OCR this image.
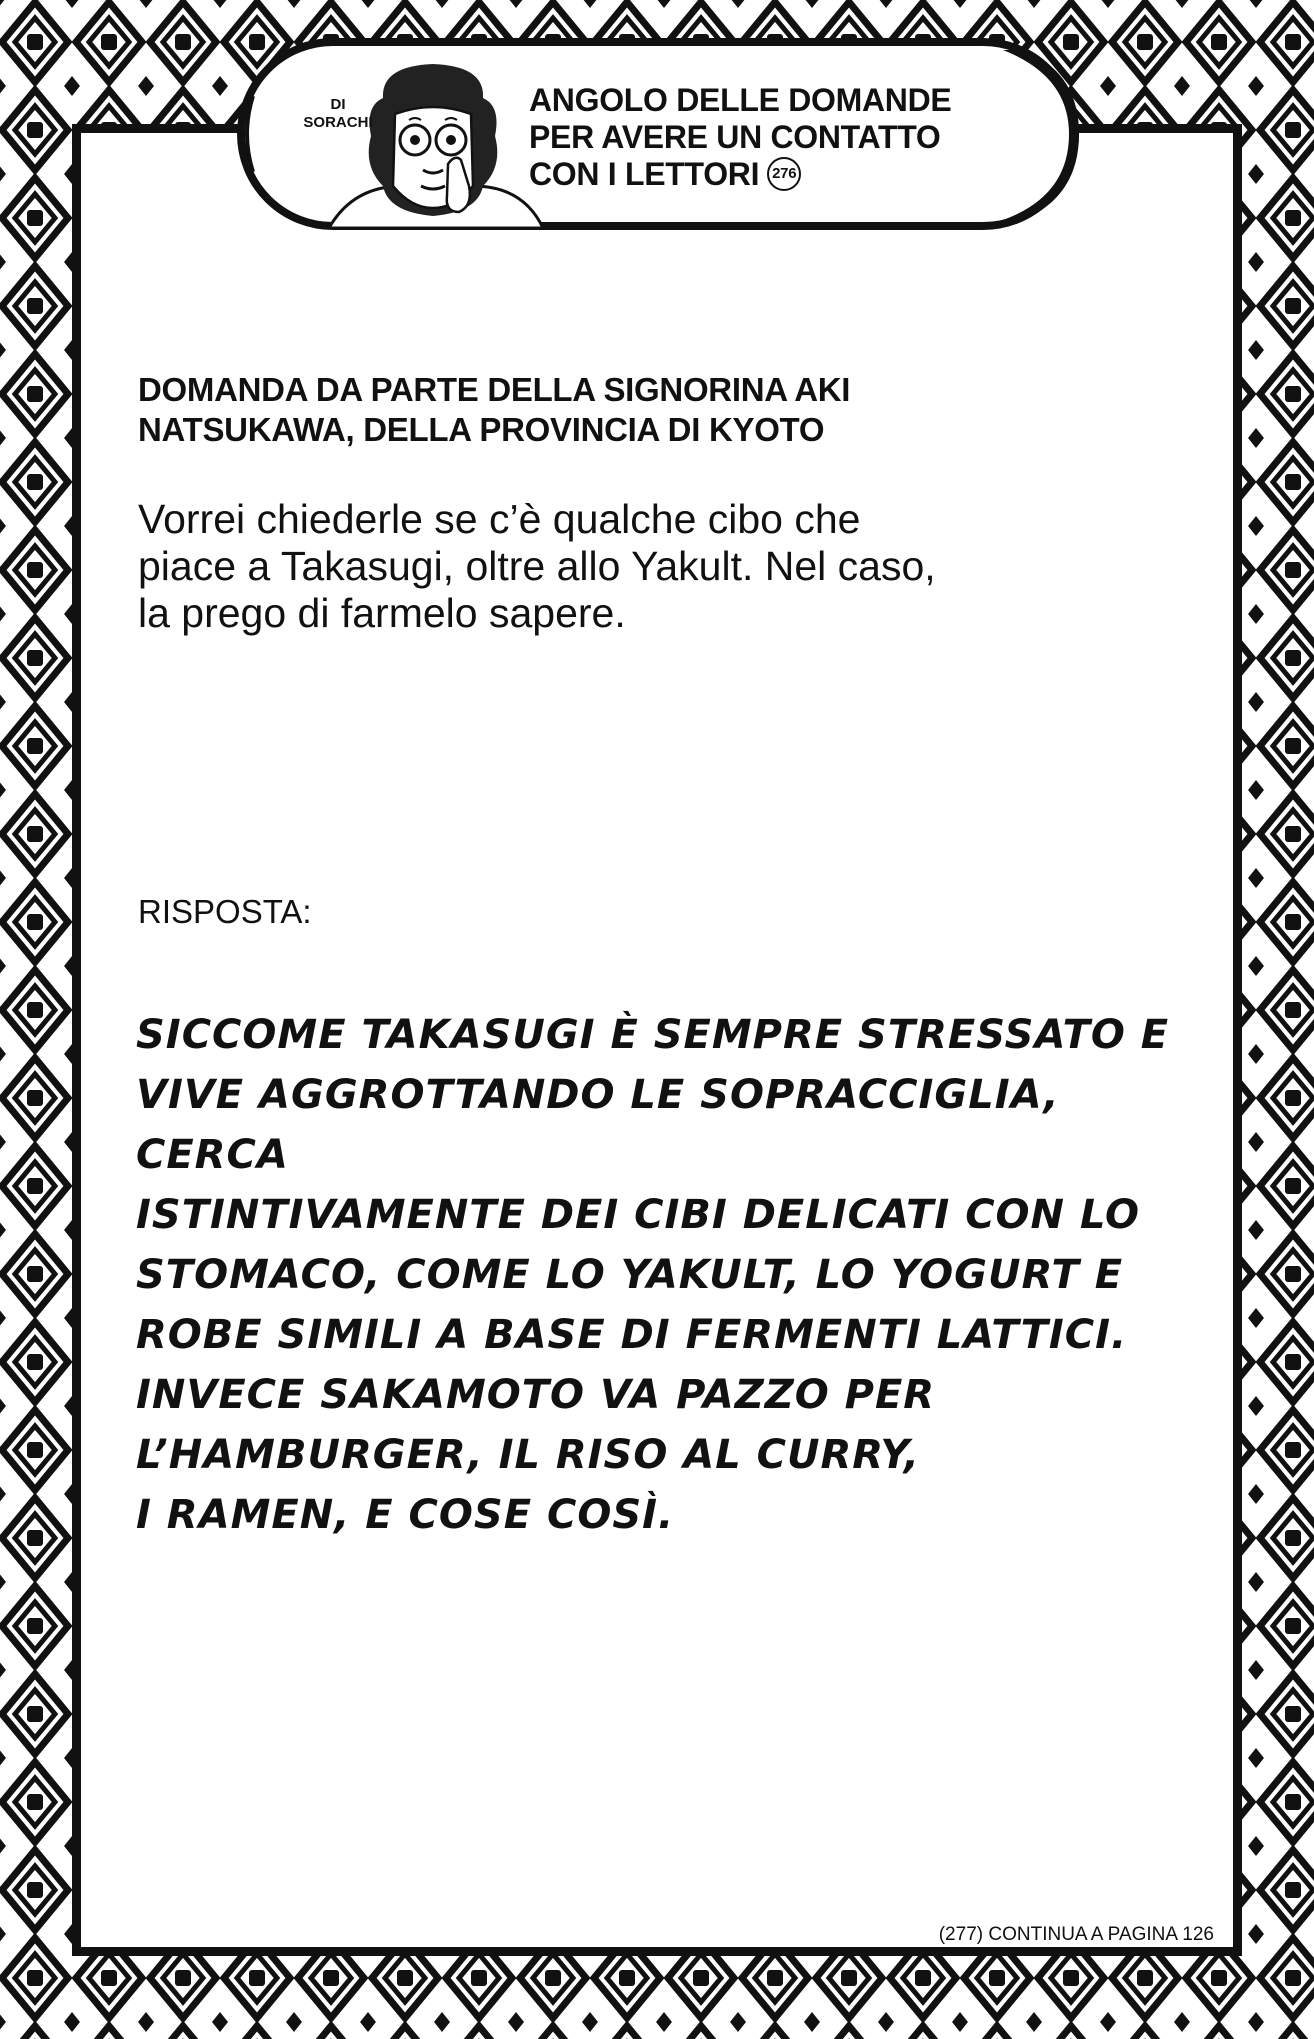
DI
SORACHI
ANGOLO DELLE DOMANDE
PER AVERE UN CONTATTO
CON I LETTORI 276
DOMANDA DA PARTE DELLA SIGNORINA AKI
NATSUKAWA, DELLA PROVINCIA DI KYOTO
Vorrei chiederle se c’è qualche cibo che
piace a Takasugi, oltre allo Yakult. Nel caso,
la prego di farmelo sapere.
RISPOSTA:
SICCOME TAKASUGI È SEMPRE STRESSATO E
VIVE AGGROTTANDO LE SOPRACCIGLIA, CERCA
ISTINTIVAMENTE DEI CIBI DELICATI CON LO
STOMACO, COME LO YAKULT, LO YOGURT E
ROBE SIMILI A BASE DI FERMENTI LATTICI.
INVECE SAKAMOTO VA PAZZO PER
L’HAMBURGER, IL RISO AL CURRY,
I RAMEN, E COSE COSÌ.
(277) CONTINUA A PAGINA 126
